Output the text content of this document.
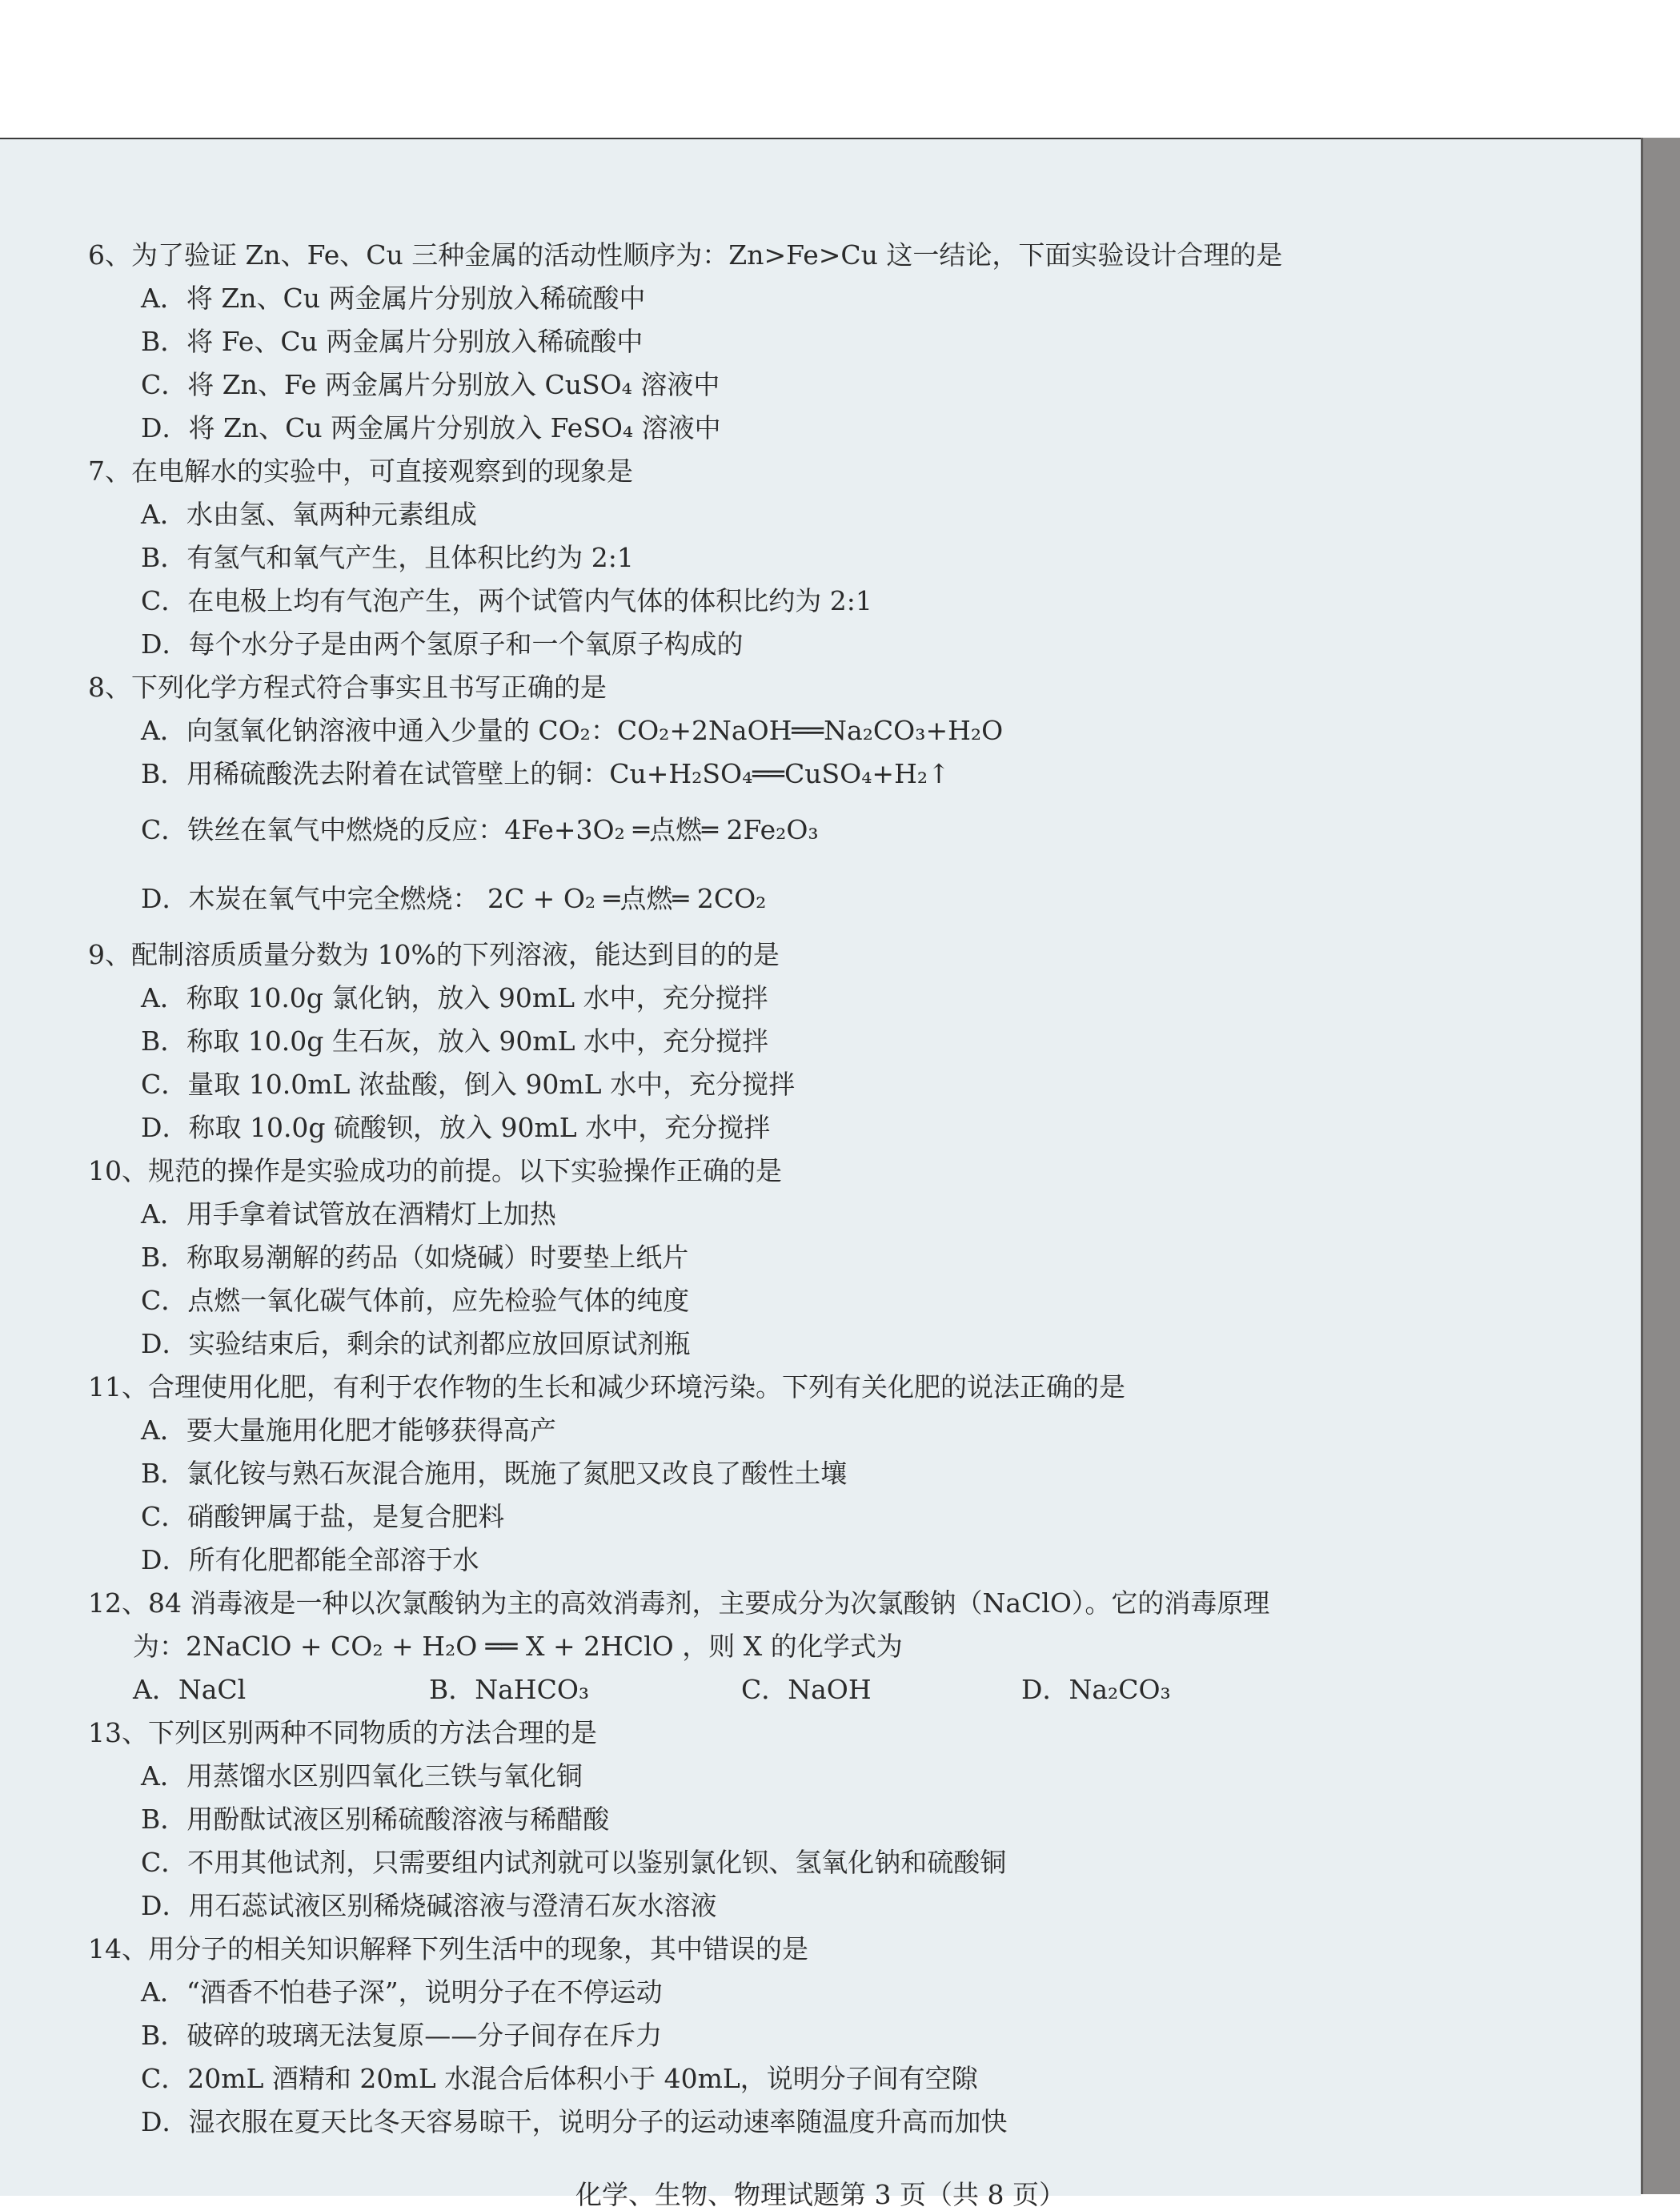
6、为了验证 Zn、Fe、Cu 三种金属的活动性顺序为：Zn>Fe>Cu 这一结论，下面实验设计合理的是
A．将 Zn、Cu 两金属片分别放入稀硫酸中
B．将 Fe、Cu 两金属片分别放入稀硫酸中
C．将 Zn、Fe 两金属片分别放入 CuSO₄ 溶液中
D．将 Zn、Cu 两金属片分别放入 FeSO₄ 溶液中
7、在电解水的实验中，可直接观察到的现象是
A．水由氢、氧两种元素组成
B．有氢气和氧气产生，且体积比约为 2:1
C．在电极上均有气泡产生，两个试管内气体的体积比约为 2:1
D．每个水分子是由两个氢原子和一个氧原子构成的
8、下列化学方程式符合事实且书写正确的是
A．向氢氧化钠溶液中通入少量的 CO₂：CO₂+2NaOH══Na₂CO₃+H₂O
B．用稀硫酸洗去附着在试管壁上的铜：Cu+H₂SO₄══CuSO₄+H₂↑
C．铁丝在氧气中燃烧的反应：4Fe+3O₂ ═点燃═ 2Fe₂O₃
D．木炭在氧气中完全燃烧： 2C + O₂ ═点燃═ 2CO₂
9、配制溶质质量分数为 10%的下列溶液，能达到目的的是
A．称取 10.0g 氯化钠，放入 90mL 水中，充分搅拌
B．称取 10.0g 生石灰，放入 90mL 水中，充分搅拌
C．量取 10.0mL 浓盐酸，倒入 90mL 水中，充分搅拌
D．称取 10.0g 硫酸钡，放入 90mL 水中，充分搅拌
10、规范的操作是实验成功的前提。以下实验操作正确的是
A．用手拿着试管放在酒精灯上加热
B．称取易潮解的药品（如烧碱）时要垫上纸片
C．点燃一氧化碳气体前，应先检验气体的纯度
D．实验结束后，剩余的试剂都应放回原试剂瓶
11、合理使用化肥，有利于农作物的生长和减少环境污染。下列有关化肥的说法正确的是
A．要大量施用化肥才能够获得高产
B．氯化铵与熟石灰混合施用，既施了氮肥又改良了酸性土壤
C．硝酸钾属于盐，是复合肥料
D．所有化肥都能全部溶于水
12、84 消毒液是一种以次氯酸钠为主的高效消毒剂，主要成分为次氯酸钠（NaClO）。它的消毒原理
为：2NaClO + CO₂ + H₂O ══ X + 2HClO ，则 X 的化学式为
A．NaCl	B．NaHCO₃	C．NaOH	D．Na₂CO₃
13、下列区别两种不同物质的方法合理的是
A．用蒸馏水区别四氧化三铁与氧化铜
B．用酚酞试液区别稀硫酸溶液与稀醋酸
C．不用其他试剂，只需要组内试剂就可以鉴别氯化钡、氢氧化钠和硫酸铜
D．用石蕊试液区别稀烧碱溶液与澄清石灰水溶液
14、用分子的相关知识解释下列生活中的现象，其中错误的是
A．“酒香不怕巷子深”，说明分子在不停运动
B．破碎的玻璃无法复原——分子间存在斥力
C．20mL 酒精和 20mL 水混合后体积小于 40mL，说明分子间有空隙
D．湿衣服在夏天比冬天容易晾干，说明分子的运动速率随温度升高而加快
化学、生物、物理试题第 3 页（共 8 页）
